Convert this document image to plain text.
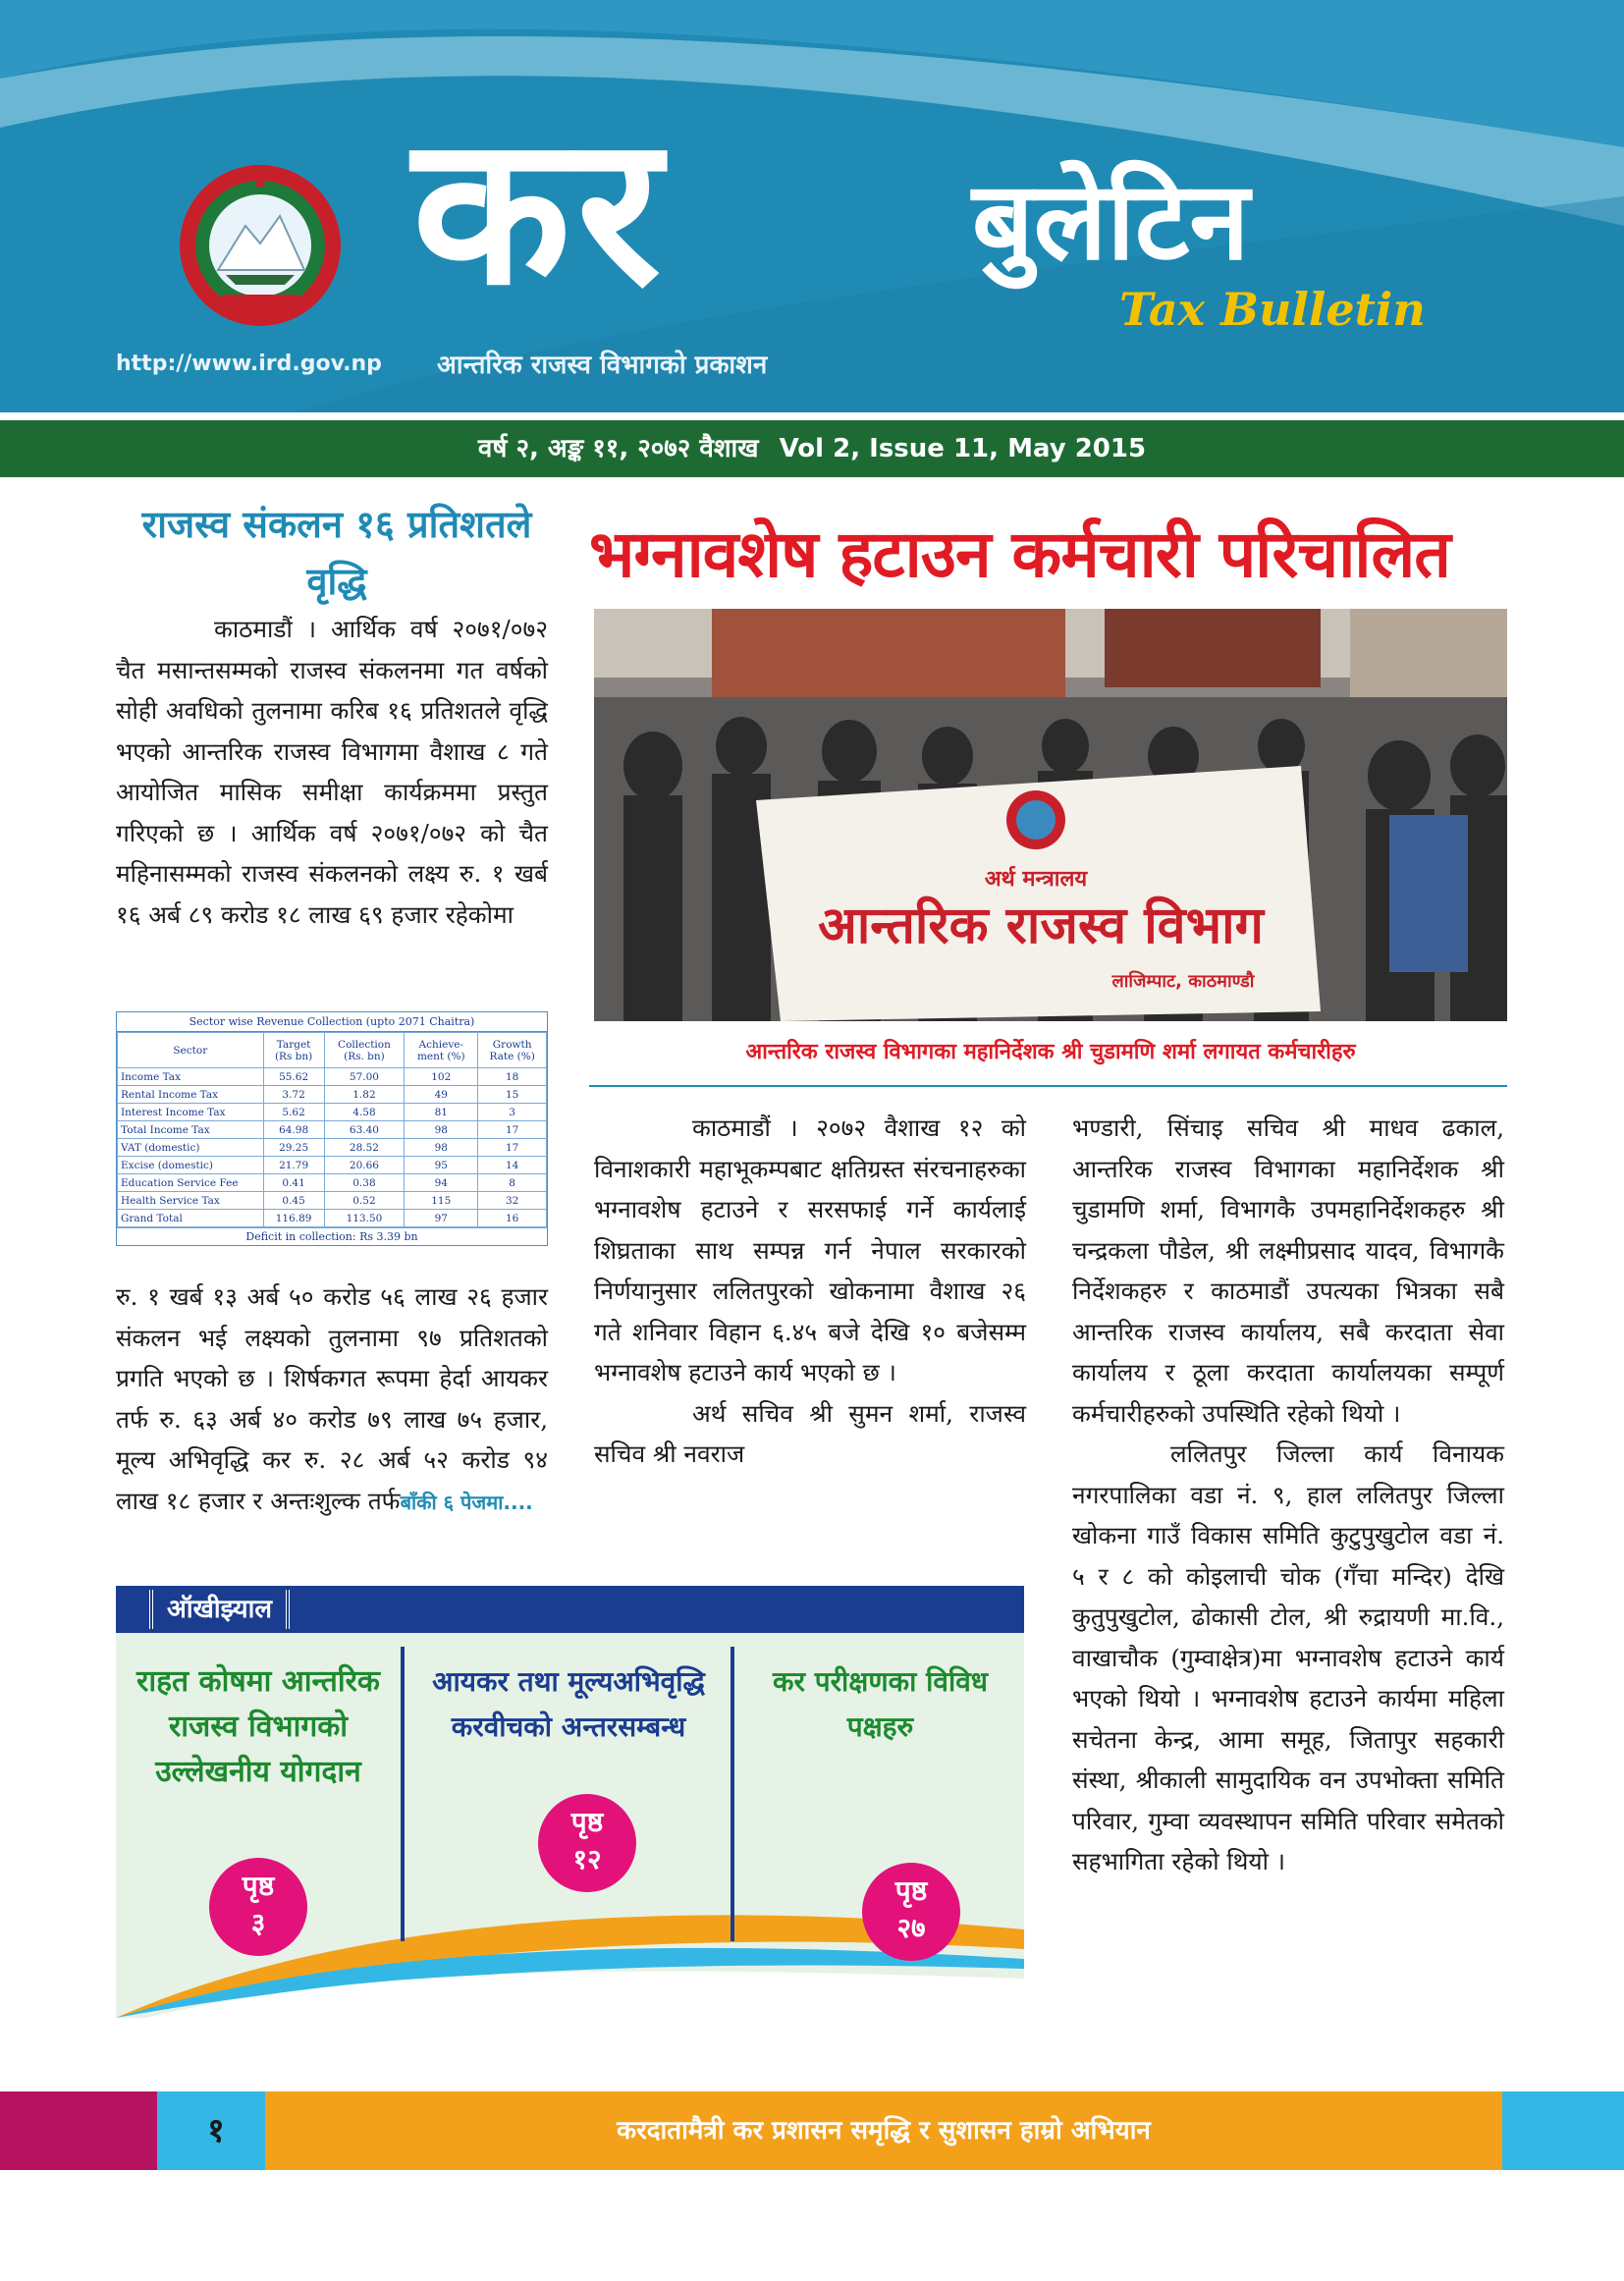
कर	बुलेटिन
Tax Bulletin
http://www.ird.gov.np आन्तरिक राजस्व विभागको प्रकाशन
वर्ष २, अङ्क ११, २०७२ वैशाख Vol 2, Issue 11, May 2015
राजस्व संकलन १६ प्रतिशतले वृद्धि

काठमाडौं । आर्थिक वर्ष २०७१/०७२ चैत मसान्तसम्मको राजस्व संकलनमा गत वर्षको सोही अवधिको तुलनामा करिब १६ प्रतिशतले वृद्धि भएको आन्तरिक राजस्व विभागमा वैशाख ८ गते आयोजित मासिक समीक्षा कार्यक्रममा प्रस्तुत गरिएको छ । आर्थिक वर्ष २०७१/०७२ को चैत महिनासम्मको राजस्व संकलनको लक्ष्य रु. १ खर्ब १६ अर्ब ८९ करोड १८ लाख ६९ हजार रहेकोमा

Sector wise Revenue Collection (upto 2071 Chaitra)
Sector	Target (Rs bn)	Collection (Rs. bn)	Achieve-ment (%)	Growth Rate (%)
Income Tax	55.62	57.00	102	18
Rental Income Tax	3.72	1.82	49	15
Interest Income Tax	5.62	4.58	81	3
Total Income Tax	64.98	63.40	98	17
VAT (domestic)	29.25	28.52	98	17
Excise (domestic)	21.79	20.66	95	14
Education Service Fee	0.41	0.38	94	8
Health Service Tax	0.45	0.52	115	32
Grand Total	116.89	113.50	97	16
Deficit in collection: Rs 3.39 bn

रु. १ खर्ब १३ अर्ब ५० करोड ५६ लाख २६ हजार संकलन भई लक्ष्यको तुलनामा ९७ प्रतिशतको प्रगति भएको छ । शिर्षकगत रूपमा हेर्दा आयकर तर्फ रु. ६३ अर्ब ४० करोड ७९ लाख ७५ हजार, मूल्य अभिवृद्धि कर रु. २८ अर्ब ५२ करोड ९४ लाख १८ हजार र अन्तःशुल्क तर्फबाँकी ६ पेजमा....

भग्नावशेष हटाउन कर्मचारी परिचालित
अर्थ मन्त्रालय
आन्तरिक राजस्व विभाग
लाजिम्पाट, काठमाण्डौ
आन्तरिक राजस्व विभागका महानिर्देशक श्री चुडामणि शर्मा लगायत कर्मचारीहरु

काठमाडौं । २०७२ वैशाख १२ को विनाशकारी महाभूकम्पबाट क्षतिग्रस्त संरचनाहरुका भग्नावशेष हटाउने र सरसफाई गर्ने कार्यलाई शिघ्रताका साथ सम्पन्न गर्न नेपाल सरकारको निर्णयानुसार ललितपुरको खोकनामा वैशाख २६ गते शनिवार विहान ६.४५ बजे देखि १० बजेसम्म भग्नावशेष हटाउने कार्य भएको छ ।

अर्थ सचिव श्री सुमन शर्मा, राजस्व सचिव श्री नवराज

भण्डारी, सिंचाइ सचिव श्री माधव ढकाल, आन्तरिक राजस्व विभागका महानिर्देशक श्री चुडामणि शर्मा, विभागकै उपमहानिर्देशकहरु श्री चन्द्रकला पौडेल, श्री लक्ष्मीप्रसाद यादव, विभागकै निर्देशकहरु र काठमाडौं उपत्यका भित्रका सबै आन्तरिक राजस्व कार्यालय, सबै करदाता सेवा कार्यालय र ठूला करदाता कार्यालयका सम्पूर्ण कर्मचारीहरुको उपस्थिति रहेको थियो ।

ललितपुर जिल्ला कार्य विनायक नगरपालिका वडा नं. ९, हाल ललितपुर जिल्ला खोकना गाउँ विकास समिति कुटुपुखुटोल वडा नं. ५ र ८ को कोइलाची चोक (गँचा मन्दिर) देखि कुतुपुखुटोल, ढोकासी टोल, श्री रुद्रायणी मा.वि., वाखाचौक (गुम्वाक्षेत्र)मा भग्नावशेष हटाउने कार्य भएको थियो । भग्नावशेष हटाउने कार्यमा महिला सचेतना केन्द्र, आमा समूह, जितापुर सहकारी संस्था, श्रीकाली सामुदायिक वन उपभोक्ता समिति परिवार, गुम्वा व्यवस्थापन समिति परिवार समेतको सहभागिता रहेको थियो ।

ऑखीझ्याल
राहत कोषमा आन्तरिक राजस्व विभागको उल्लेखनीय योगदान
आयकर तथा मूल्यअभिवृद्धि करवीचको अन्तरसम्बन्ध
कर परीक्षणका विविध पक्षहरु
पृष्ठ
३
पृष्ठ
१२
पृष्ठ
२७
१	करदातामैत्री कर प्रशासन समृद्धि र सुशासन हाम्रो अभियान
